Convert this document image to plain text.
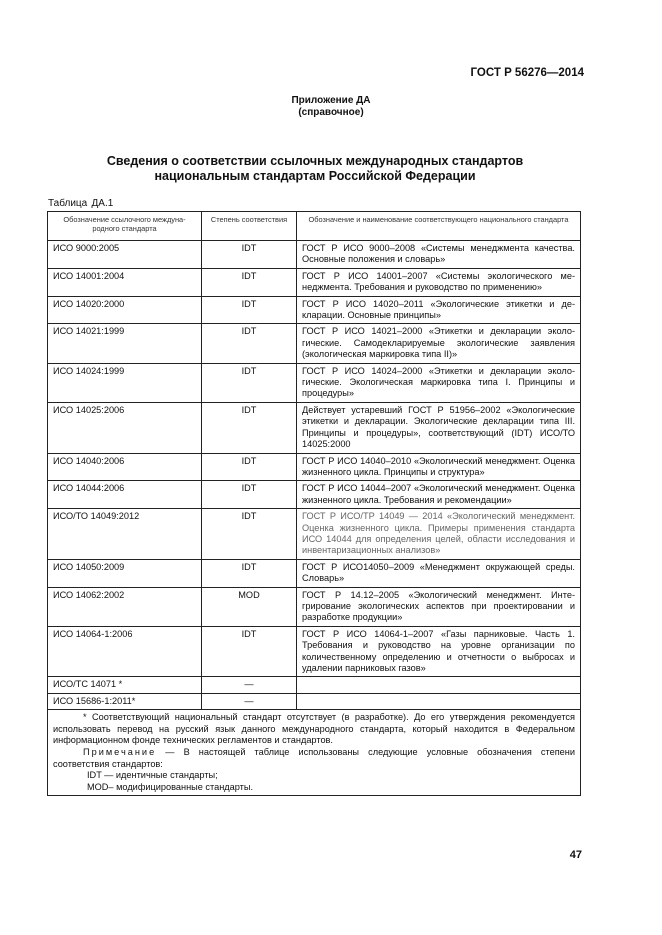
ГОСТ Р 56276—2014
Приложение ДА
(справочное)
Сведения о соответствии ссылочных международных стандартов
национальным стандартам Российской Федерации
Таблица ДА.1
Обозначение ссылочного международного стандарта	Степень соответствия	Обозначение и наименование соответствующего национального стандарта
ИСО 9000:2005	IDT	ГОСТ Р ИСО 9000–2008 «Системы менеджмента качества. Основные положения и словарь»
ИСО 14001:2004	IDT	ГОСТ Р ИСО 14001–2007 «Системы экологического менеджмента. Требования и руководство по применению»
ИСО 14020:2000	IDT	ГОСТ Р ИСО 14020–2011 «Экологические этикетки и декларации. Основные принципы»
ИСО 14021:1999	IDT	ГОСТ Р ИСО 14021–2000 «Этикетки и декларации экологические. Самодекларируемые экологические заявления (экологическая маркировка типа II)»
ИСО 14024:1999	IDT	ГОСТ Р ИСО 14024–2000 «Этикетки и декларации экологические. Экологическая маркировка типа I. Принципы и процедуры»
ИСО 14025:2006	IDT	Действует устаревший ГОСТ Р 51956–2002 «Экологические этикетки и декларации. Экологические декларации типа III. Принципы и процедуры», соответствующий (IDT) ИСО/ТО 14025:2000
ИСО 14040:2006	IDT	ГОСТ Р ИСО 14040–2010 «Экологический менеджмент. Оценка жизненного цикла. Принципы и структура»
ИСО 14044:2006	IDT	ГОСТ Р ИСО 14044–2007 «Экологический менеджмент. Оценка жизненного цикла. Требования и рекомендации»
ИСО/ТО 14049:2012	IDT	ГОСТ Р ИСО/ТР 14049 — 2014 «Экологический менеджмент. Оценка жизненного цикла. Примеры применения стандарта ИСО 14044 для определения целей, области исследования и инвентаризационных анализов»
ИСО 14050:2009	IDT	ГОСТ Р ИСО14050–2009 «Менеджмент окружающей среды. Словарь»
ИСО 14062:2002	MOD	ГОСТ Р 14.12–2005 «Экологический менеджмент. Интегрирование экологических аспектов при проектировании и разработке продукции»
ИСО 14064-1:2006	IDT	ГОСТ Р ИСО 14064-1–2007 «Газы парниковые. Часть 1. Требования и руководство на уровне организации по количественному определению и отчетности о выбросах и удалении парниковых газов»
ИСО/ТС 14071 *	—	
ИСО 15686-1:2011*	—	

* Соответствующий национальный стандарт отсутствует (в разработке). До его утверждения рекомендуется использовать перевод на русский язык данного международного стандарта, который находится в Федеральном информационном фонде технических регламентов и стандартов.

Примечание — В настоящей таблице использованы следующие условные обозначения степени соответствия стандартов:

IDT — идентичные стандарты;

MOD– модифицированные стандарты.		

47
